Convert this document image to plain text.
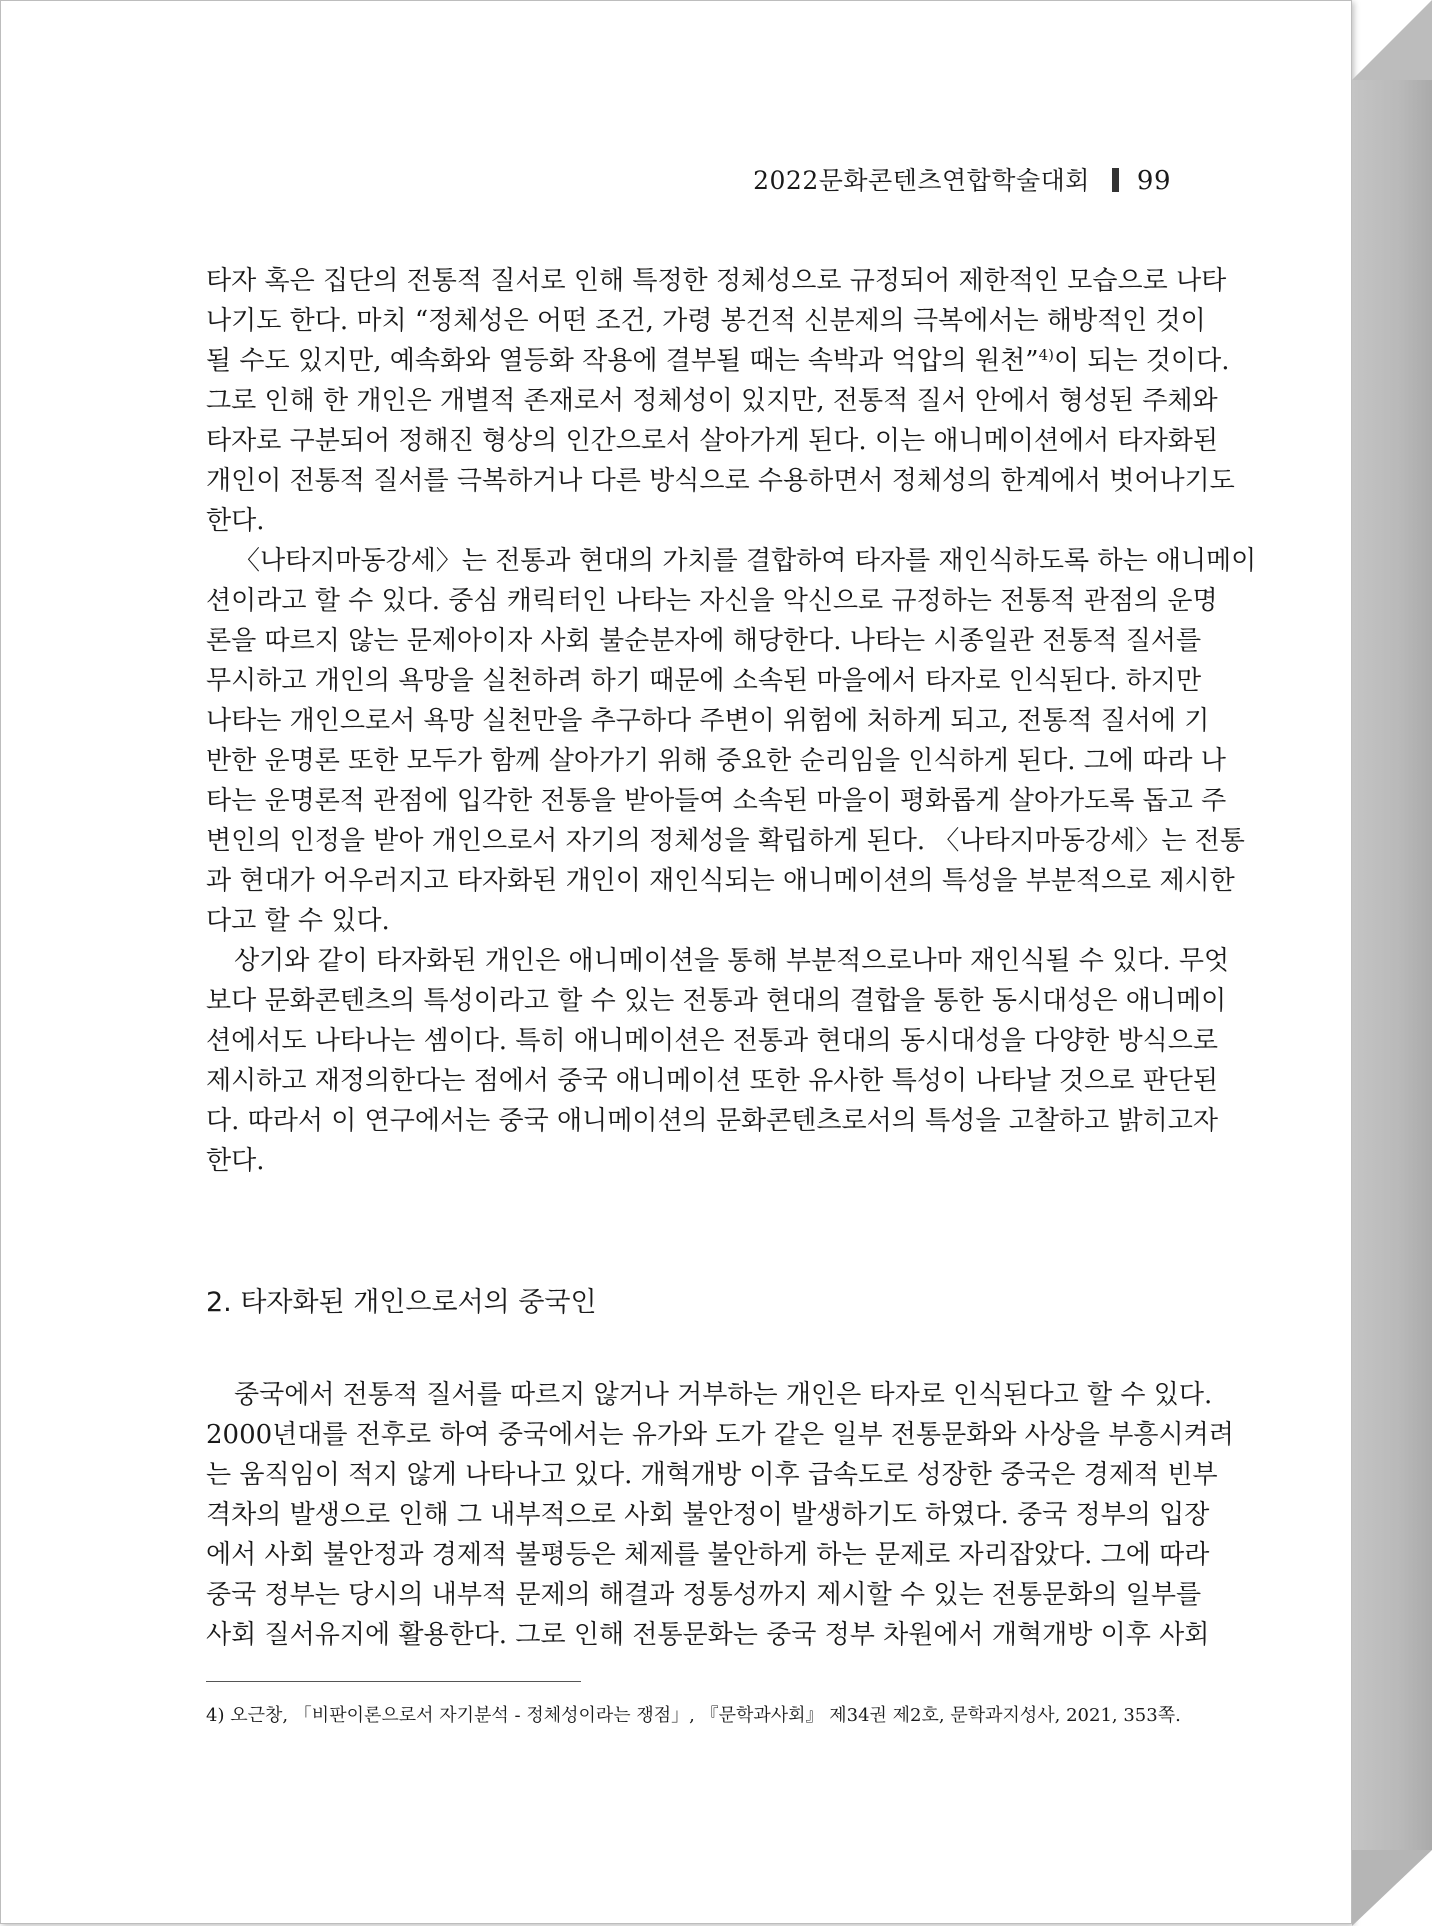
2022문화콘텐츠연합학술대회 99
타자 혹은 집단의 전통적 질서로 인해 특정한 정체성으로 규정되어 제한적인 모습으로 나타
나기도 한다. 마치 “정체성은 어떤 조건, 가령 봉건적 신분제의 극복에서는 해방적인 것이
될 수도 있지만, 예속화와 열등화 작용에 결부될 때는 속박과 억압의 원천”$^{4)}$이 되는 것이다.
그로 인해 한 개인은 개별적 존재로서 정체성이 있지만, 전통적 질서 안에서 형성된 주체와
타자로 구분되어 정해진 형상의 인간으로서 살아가게 된다. 이는 애니메이션에서 타자화된
개인이 전통적 질서를 극복하거나 다른 방식으로 수용하면서 정체성의 한계에서 벗어나기도
한다.
〈나타지마동강세〉는 전통과 현대의 가치를 결합하여 타자를 재인식하도록 하는 애니메이
션이라고 할 수 있다. 중심 캐릭터인 나타는 자신을 악신으로 규정하는 전통적 관점의 운명
론을 따르지 않는 문제아이자 사회 불순분자에 해당한다. 나타는 시종일관 전통적 질서를
무시하고 개인의 욕망을 실천하려 하기 때문에 소속된 마을에서 타자로 인식된다. 하지만
나타는 개인으로서 욕망 실천만을 추구하다 주변이 위험에 처하게 되고, 전통적 질서에 기
반한 운명론 또한 모두가 함께 살아가기 위해 중요한 순리임을 인식하게 된다. 그에 따라 나
타는 운명론적 관점에 입각한 전통을 받아들여 소속된 마을이 평화롭게 살아가도록 돕고 주
변인의 인정을 받아 개인으로서 자기의 정체성을 확립하게 된다. 〈나타지마동강세〉는 전통
과 현대가 어우러지고 타자화된 개인이 재인식되는 애니메이션의 특성을 부분적으로 제시한
다고 할 수 있다.
상기와 같이 타자화된 개인은 애니메이션을 통해 부분적으로나마 재인식될 수 있다. 무엇
보다 문화콘텐츠의 특성이라고 할 수 있는 전통과 현대의 결합을 통한 동시대성은 애니메이
션에서도 나타나는 셈이다. 특히 애니메이션은 전통과 현대의 동시대성을 다양한 방식으로
제시하고 재정의한다는 점에서 중국 애니메이션 또한 유사한 특성이 나타날 것으로 판단된
다. 따라서 이 연구에서는 중국 애니메이션의 문화콘텐츠로서의 특성을 고찰하고 밝히고자
한다.
2. 타자화된 개인으로서의 중국인
중국에서 전통적 질서를 따르지 않거나 거부하는 개인은 타자로 인식된다고 할 수 있다.
2000년대를 전후로 하여 중국에서는 유가와 도가 같은 일부 전통문화와 사상을 부흥시켜려
는 움직임이 적지 않게 나타나고 있다. 개혁개방 이후 급속도로 성장한 중국은 경제적 빈부
격차의 발생으로 인해 그 내부적으로 사회 불안정이 발생하기도 하였다. 중국 정부의 입장
에서 사회 불안정과 경제적 불평등은 체제를 불안하게 하는 문제로 자리잡았다. 그에 따라
중국 정부는 당시의 내부적 문제의 해결과 정통성까지 제시할 수 있는 전통문화의 일부를
사회 질서유지에 활용한다. 그로 인해 전통문화는 중국 정부 차원에서 개혁개방 이후 사회
4) 오근창, 「비판이론으로서 자기분석 - 정체성이라는 쟁점」, 『문학과사회』 제34권 제2호, 문학과지성사, 2021, 353쪽.
